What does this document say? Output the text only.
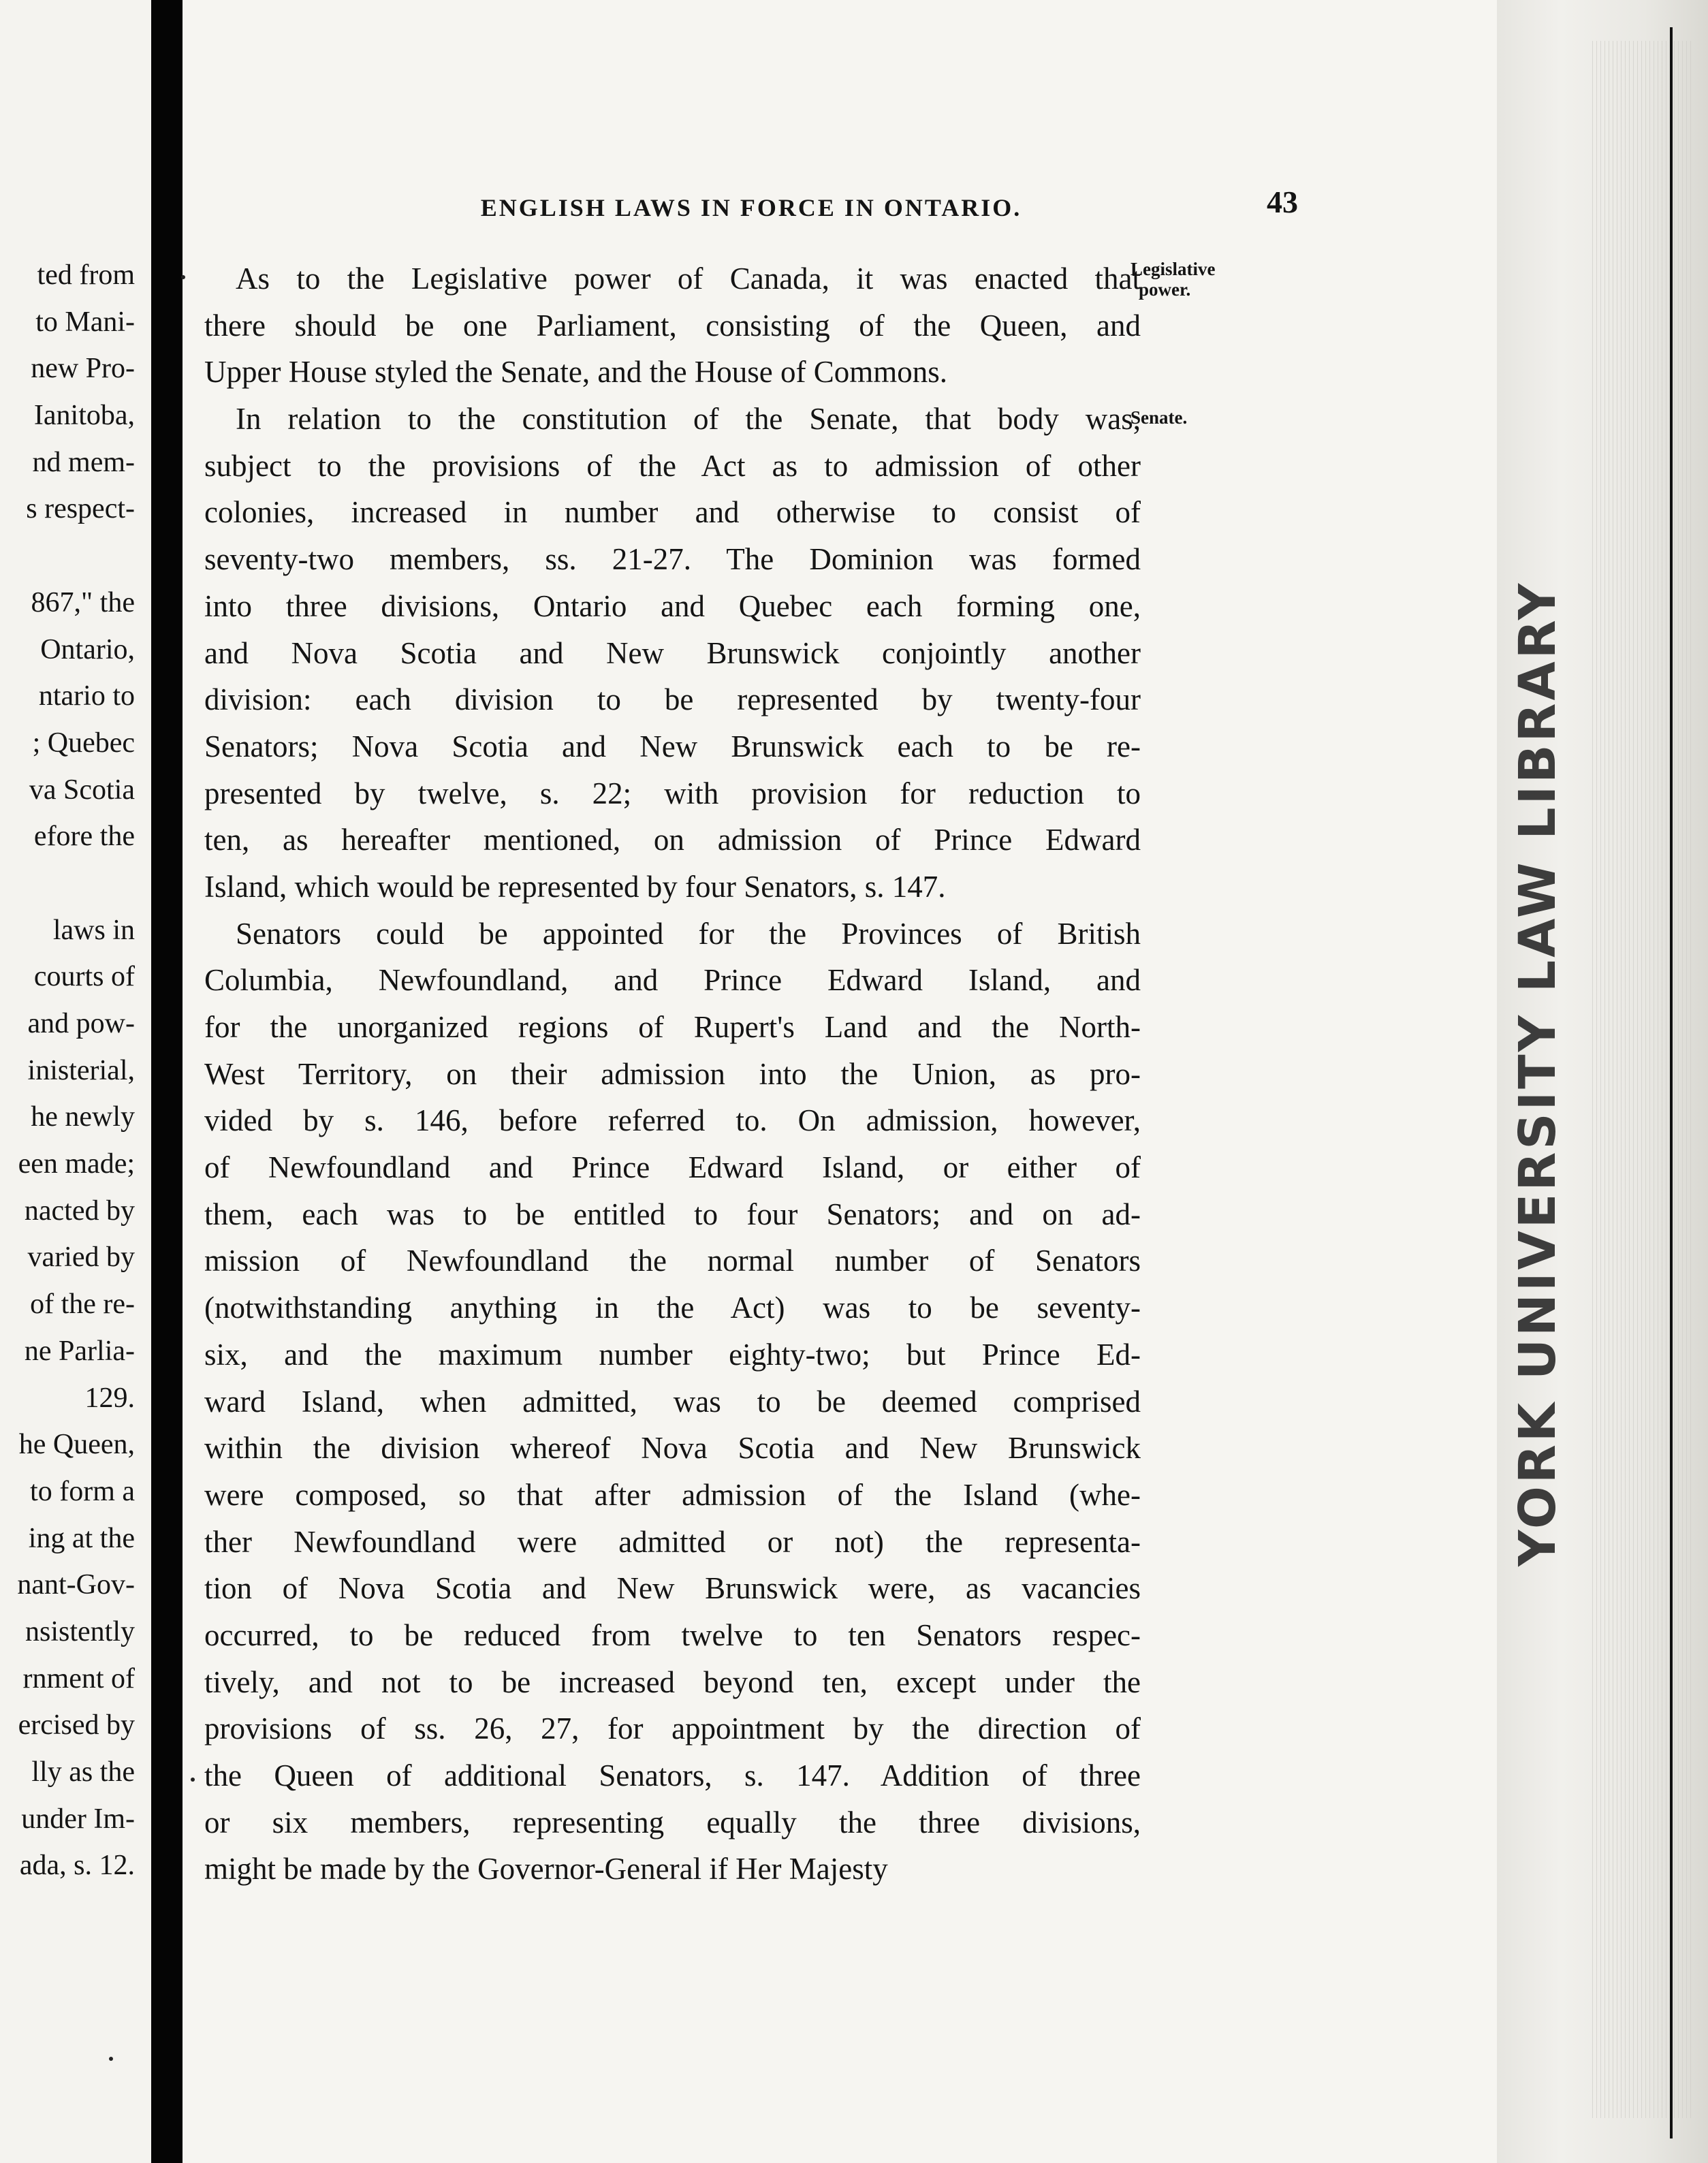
ted from
to Mani-
new Pro-
Ianitoba,
nd mem-
s respect-
867," the
Ontario,
ntario to
; Quebec
va Scotia
efore the
laws in
courts of
and pow-
inisterial,
he newly
een made;
nacted by
varied by
of the re-
ne Parlia-
129.
he Queen,
to form a
ing at the
nant-Gov-
nsistently
rnment of
ercised by
lly as the
under Im-
ada, s. 12.
ENGLISH LAWS IN FORCE IN ONTARIO.	43
As to the Legislative power of Canada, it was enacted that
there should be one Parliament, consisting of the Queen, and
Upper House styled the Senate, and the House of Commons.
In relation to the constitution of the Senate, that body was,
subject to the provisions of the Act as to admission of other
colonies, increased in number and otherwise to consist of
seventy-two members, ss. 21-27. The Dominion was formed
into three divisions, Ontario and Quebec each forming one,
and Nova Scotia and New Brunswick conjointly another
division: each division to be represented by twenty-four
Senators; Nova Scotia and New Brunswick each to be re-
presented by twelve, s. 22; with provision for reduction to
ten, as hereafter mentioned, on admission of Prince Edward
Island, which would be represented by four Senators, s. 147.
Senators could be appointed for the Provinces of British
Columbia, Newfoundland, and Prince Edward Island, and
for the unorganized regions of Rupert's Land and the North-
West Territory, on their admission into the Union, as pro-
vided by s. 146, before referred to. On admission, however,
of Newfoundland and Prince Edward Island, or either of
them, each was to be entitled to four Senators; and on ad-
mission of Newfoundland the normal number of Senators
(notwithstanding anything in the Act) was to be seventy-
six, and the maximum number eighty-two; but Prince Ed-
ward Island, when admitted, was to be deemed comprised
within the division whereof Nova Scotia and New Brunswick
were composed, so that after admission of the Island (whe-
ther Newfoundland were admitted or not) the representa-
tion of Nova Scotia and New Brunswick were, as vacancies
occurred, to be reduced from twelve to ten Senators respec-
tively, and not to be increased beyond ten, except under the
provisions of ss. 26, 27, for appointment by the direction of
the Queen of additional Senators, s. 147. Addition of three
or six members, representing equally the three divisions,
might be made by the Governor-General if Her Majesty
Legislative
power.
Senate.
YORK UNIVERSITY LAW LIBRARY
